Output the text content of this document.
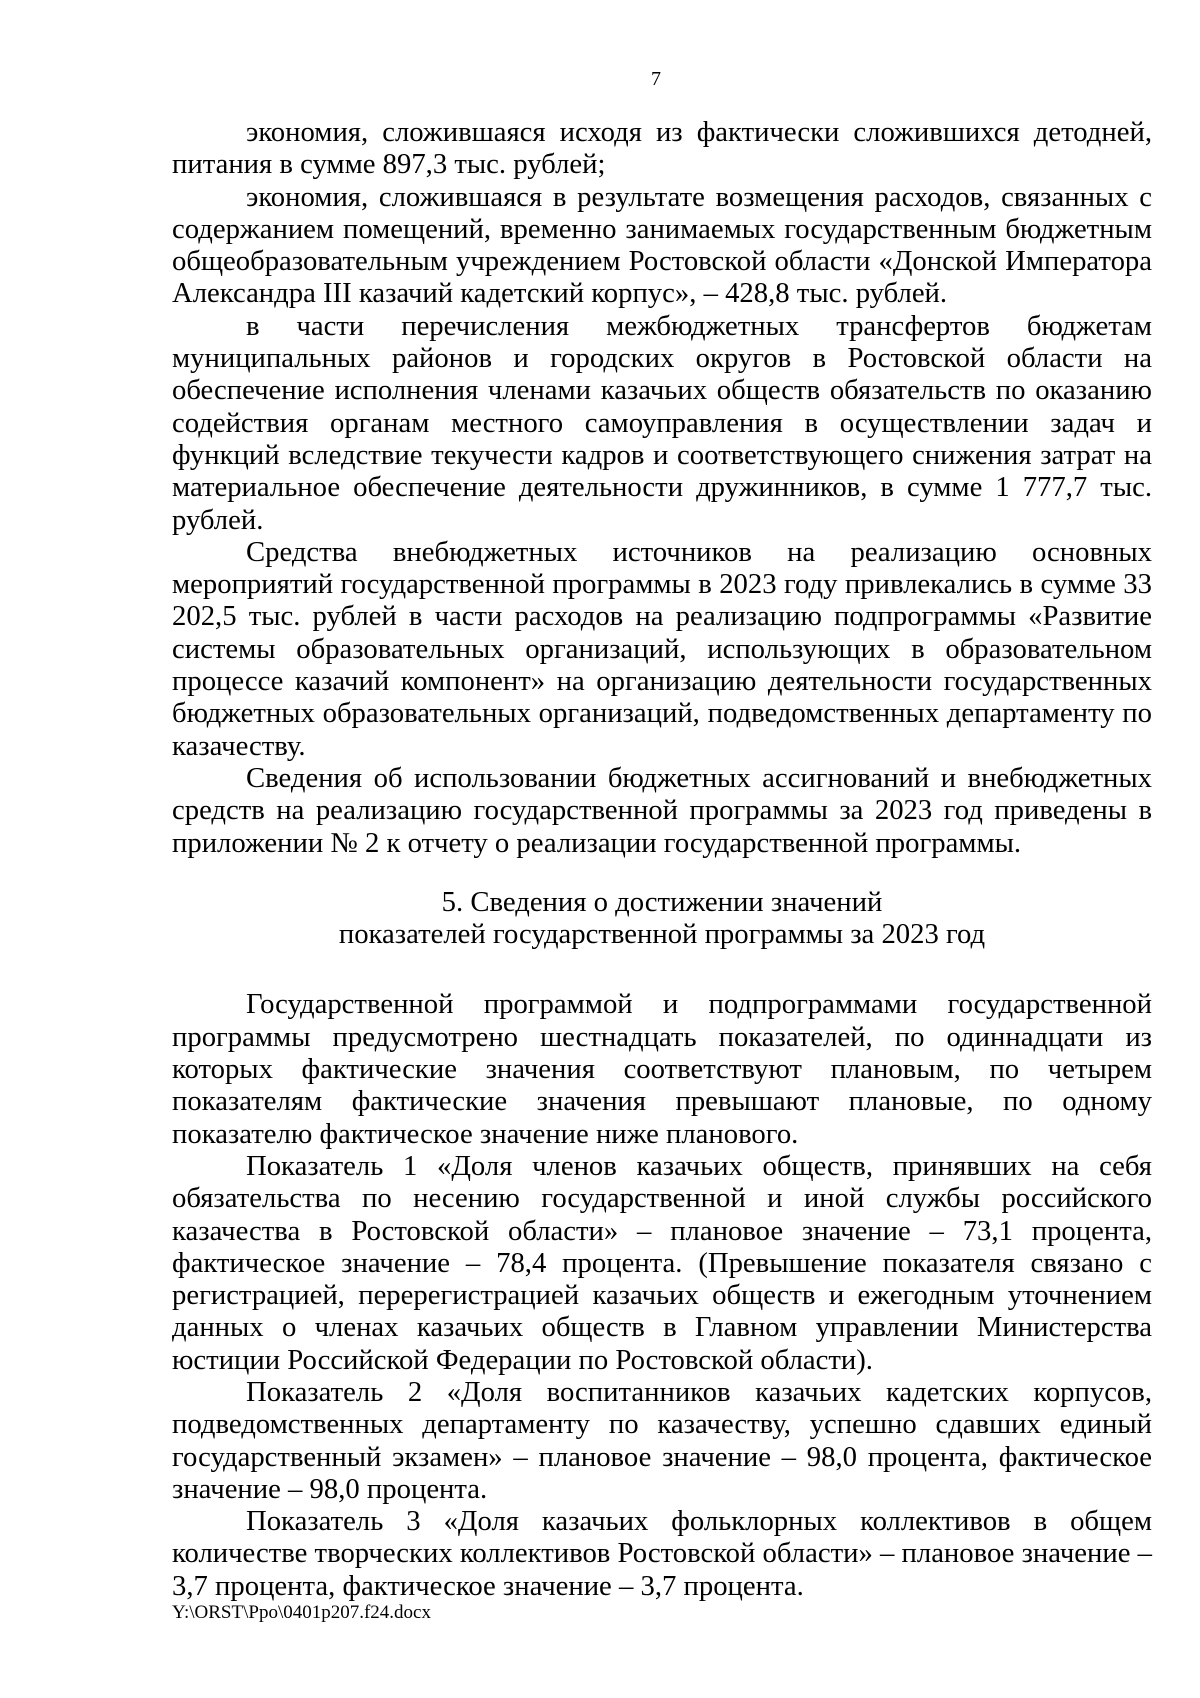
7

экономия, сложившаяся исходя из фактически сложившихся детодней, питания в сумме 897,3 тыс. рублей;

экономия, сложившаяся в результате возмещения расходов, связанных с содержанием помещений, временно занимаемых государственным бюджетным общеобразовательным учреждением Ростовской области «Донской Императора Александра III казачий кадетский корпус», – 428,8 тыс. рублей.

в части перечисления межбюджетных трансфертов бюджетам муниципальных районов и городских округов в Ростовской области на обеспечение исполнения членами казачьих обществ обязательств по оказанию содействия органам местного самоуправления в осуществлении задач и функций вследствие текучести кадров и соответствующего снижения затрат на материальное обеспечение деятельности дружинников, в сумме 1 777,7 тыс. рублей.

Средства внебюджетных источников на реализацию основных мероприятий государственной программы в 2023 году привлекались в сумме 33 202,5 тыс. рублей в части расходов на реализацию подпрограммы «Развитие системы образовательных организаций, использующих в образовательном процессе казачий компонент» на организацию деятельности государственных бюджетных образовательных организаций, подведомственных департаменту по казачеству.

Сведения об использовании бюджетных ассигнований и внебюджетных средств на реализацию государственной программы за 2023 год приведены в приложении № 2 к отчету о реализации государственной программы.

5. Сведения о достижении значений
показателей государственной программы за 2023 год

Государственной программой и подпрограммами государственной программы предусмотрено шестнадцать показателей, по одиннадцати из которых фактические значения соответствуют плановым, по четырем показателям фактические значения превышают плановые, по одному показателю фактическое значение ниже планового.

Показатель 1 «Доля членов казачьих обществ, принявших на себя обязательства по несению государственной и иной службы российского казачества в Ростовской области» – плановое значение – 73,1 процента, фактическое значение – 78,4 процента. (Превышение показателя связано с регистрацией, перерегистрацией казачьих обществ и ежегодным уточнением данных о членах казачьих обществ в Главном управлении Министерства юстиции Российской Федерации по Ростовской области).

Показатель 2 «Доля воспитанников казачьих кадетских корпусов, подведомственных департаменту по казачеству, успешно сдавших единый государственный экзамен» – плановое значение – 98,0 процента, фактическое значение – 98,0 процента.

Показатель 3 «Доля казачьих фольклорных коллективов в общем количестве творческих коллективов Ростовской области» – плановое значение – 3,7 процента, фактическое значение – 3,7 процента.

Y:\ORST\Ppo\0401p207.f24.docx
